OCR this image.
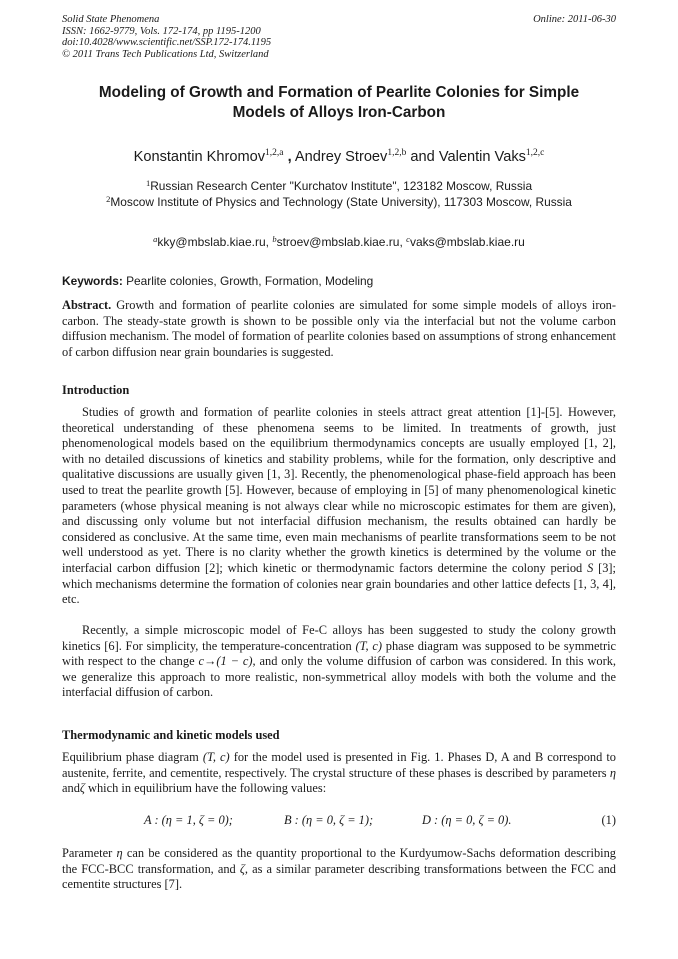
Solid State Phenomena
ISSN: 1662-9779, Vols. 172-174, pp 1195-1200
doi:10.4028/www.scientific.net/SSP.172-174.1195
© 2011 Trans Tech Publications Ltd, Switzerland
Online: 2011-06-30
Modeling of Growth and Formation of Pearlite Colonies for Simple
Models of Alloys Iron-Carbon
Konstantin Khromov$^{1,2,a}$ , Andrey Stroev$^{1,2,b}$ and Valentin Vaks$^{1,2,c}$
$^1$Russian Research Center "Kurchatov Institute", 123182 Moscow, Russia
$^2$Moscow Institute of Physics and Technology (State University), 117303 Moscow, Russia
$^a$kky@mbslab.kiae.ru, $^b$stroev@mbslab.kiae.ru, $^c$vaks@mbslab.kiae.ru
Keywords: Pearlite colonies, Growth, Formation, Modeling
Abstract. Growth and formation of pearlite colonies are simulated for some simple models of alloys iron-carbon. The steady-state growth is shown to be possible only via the interfacial but not the volume carbon diffusion mechanism. The model of formation of pearlite colonies based on assumptions of strong enhancement of carbon diffusion near grain boundaries is suggested.
Introduction
Studies of growth and formation of pearlite colonies in steels attract great attention [1]-[5]. However, theoretical understanding of these phenomena seems to be limited. In treatments of growth, just phenomenological models based on the equilibrium thermodynamics concepts are usually employed [1, 2], with no detailed discussions of kinetics and stability problems, while for the formation, only descriptive and qualitative discussions are usually given [1, 3]. Recently, the phenomenological phase-field approach has been used to treat the pearlite growth [5]. However, because of employing in [5] of many phenomenological kinetic parameters (whose physical meaning is not always clear while no microscopic estimates for them are given), and discussing only volume but not interfacial diffusion mechanism, the results obtained can hardly be considered as conclusive. At the same time, even main mechanisms of pearlite transformations seem to be not well understood as yet. There is no clarity whether the growth kinetics is determined by the volume or the interfacial carbon diffusion [2]; which kinetic or thermodynamic factors determine the colony period S [3]; which mechanisms determine the formation of colonies near grain boundaries and other lattice defects [1, 3, 4], etc.
Recently, a simple microscopic model of Fe-C alloys has been suggested to study the colony growth kinetics [6]. For simplicity, the temperature-concentration (T, c) phase diagram was supposed to be symmetric with respect to the change c→(1 − c), and only the volume diffusion of carbon was considered. In this work, we generalize this approach to more realistic, non-symmetrical alloy models with both the volume and the interfacial diffusion of carbon.
Thermodynamic and kinetic models used
Equilibrium phase diagram (T, c) for the model used is presented in Fig. 1. Phases D, A and B correspond to austenite, ferrite, and cementite, respectively. The crystal structure of these phases is described by parameters η andζ which in equilibrium have the following values:
A : (η = 1, ζ = 0);	B : (η = 0, ζ = 1);	D : (η = 0, ζ = 0).	(1)
Parameter η can be considered as the quantity proportional to the Kurdyumow-Sachs deformation describing the FCC-BCC transformation, and ζ, as a similar parameter describing transformations between the FCC and cementite structures [7].
